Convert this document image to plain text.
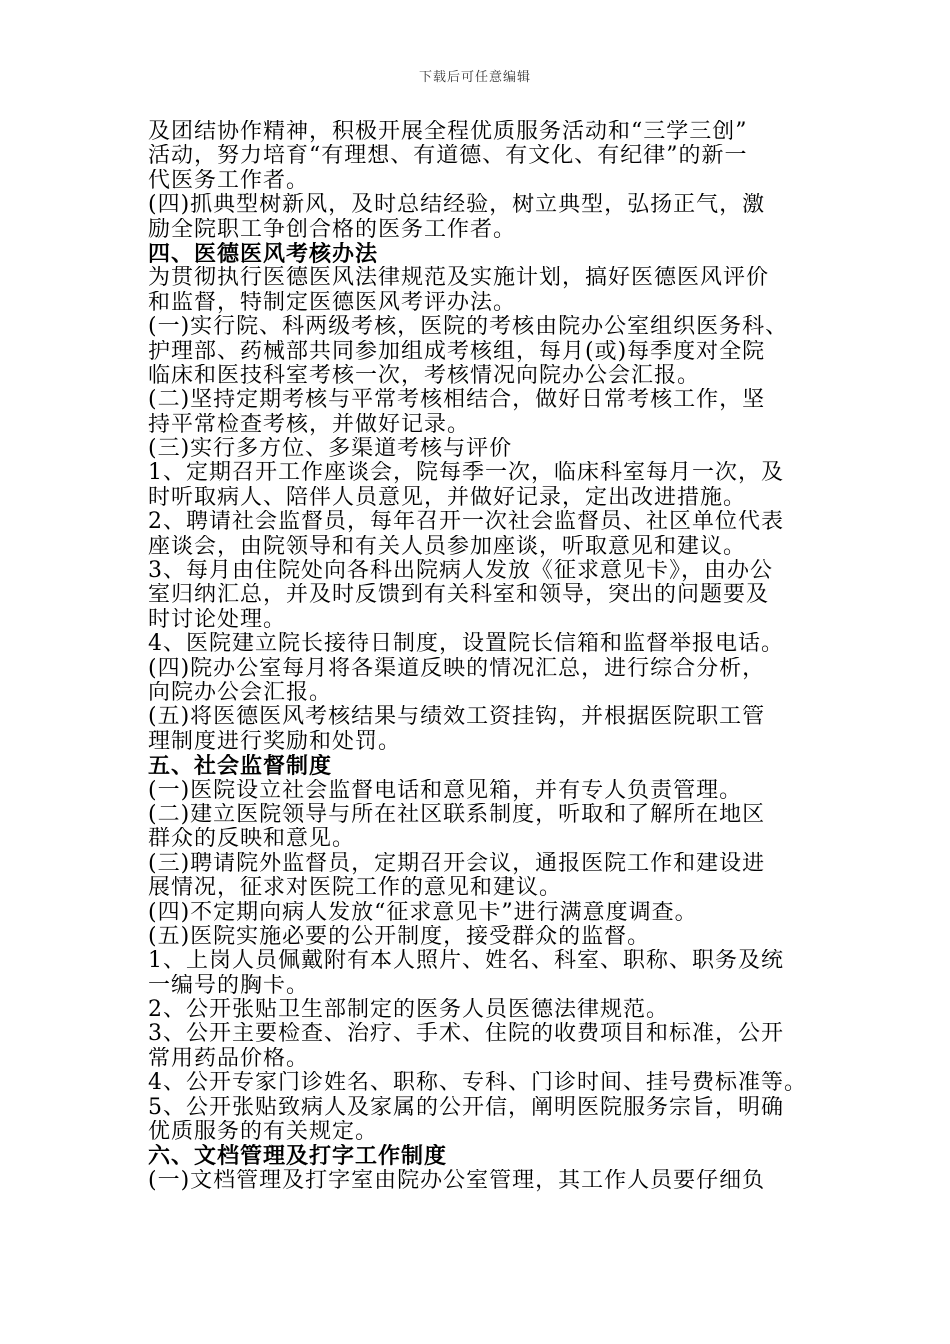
下载后可任意编辑
及团结协作精神，积极开展全程优质服务活动和“三学三创”
活动，努力培育“有理想、有道德、有文化、有纪律”的新一
代医务工作者。
(四)抓典型树新风，及时总结经验，树立典型，弘扬正气，激
励全院职工争创合格的医务工作者。
四、医德医风考核办法
为贯彻执行医德医风法律规范及实施计划，搞好医德医风评价
和监督，特制定医德医风考评办法。
(一)实行院、科两级考核，医院的考核由院办公室组织医务科、
护理部、药械部共同参加组成考核组，每月(或)每季度对全院
临床和医技科室考核一次，考核情况向院办公会汇报。
(二)坚持定期考核与平常考核相结合，做好日常考核工作，坚
持平常检查考核，并做好记录。
(三)实行多方位、多渠道考核与评价
1、定期召开工作座谈会，院每季一次，临床科室每月一次，及
时听取病人、陪伴人员意见，并做好记录，定出改进措施。
2、聘请社会监督员，每年召开一次社会监督员、社区单位代表
座谈会，由院领导和有关人员参加座谈，听取意见和建议。
3、每月由住院处向各科出院病人发放《征求意见卡》，由办公
室归纳汇总，并及时反馈到有关科室和领导，突出的问题要及
时讨论处理。
4、医院建立院长接待日制度，设置院长信箱和监督举报电话。
(四)院办公室每月将各渠道反映的情况汇总，进行综合分析，
向院办公会汇报。
(五)将医德医风考核结果与绩效工资挂钩，并根据医院职工管
理制度进行奖励和处罚。
五、社会监督制度
(一)医院设立社会监督电话和意见箱，并有专人负责管理。
(二)建立医院领导与所在社区联系制度，听取和了解所在地区
群众的反映和意见。
(三)聘请院外监督员，定期召开会议，通报医院工作和建设进
展情况，征求对医院工作的意见和建议。
(四)不定期向病人发放“征求意见卡”进行满意度调查。
(五)医院实施必要的公开制度，接受群众的监督。
1、上岗人员佩戴附有本人照片、姓名、科室、职称、职务及统
一编号的胸卡。
2、公开张贴卫生部制定的医务人员医德法律规范。
3、公开主要检查、治疗、手术、住院的收费项目和标准，公开
常用药品价格。
4、公开专家门诊姓名、职称、专科、门诊时间、挂号费标准等。
5、公开张贴致病人及家属的公开信，阐明医院服务宗旨，明确
优质服务的有关规定。
六、文档管理及打字工作制度
(一)文档管理及打字室由院办公室管理，其工作人员要仔细负
